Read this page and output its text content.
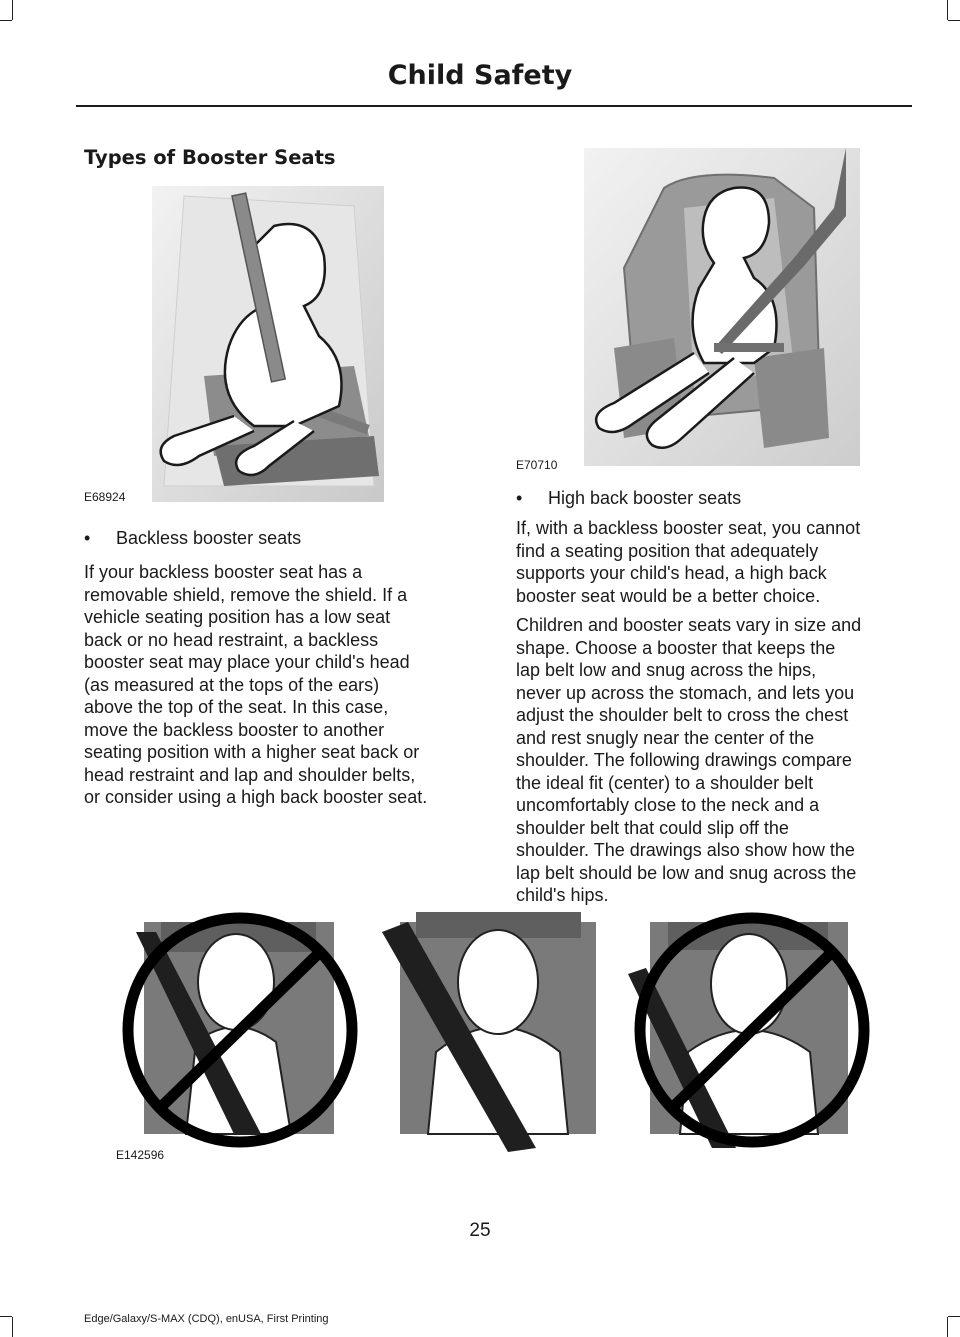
Child Safety
Types of Booster Seats
E68924
E70710
• Backless booster seats
If your backless booster seat has a
removable shield, remove the shield. If a
vehicle seating position has a low seat
back or no head restraint, a backless
booster seat may place your child's head
(as measured at the tops of the ears)
above the top of the seat. In this case,
move the backless booster to another
seating position with a higher seat back or
head restraint and lap and shoulder belts,
or consider using a high back booster seat.
• High back booster seats
If, with a backless booster seat, you cannot
find a seating position that adequately
supports your child's head, a high back
booster seat would be a better choice.
Children and booster seats vary in size and
shape. Choose a booster that keeps the
lap belt low and snug across the hips,
never up across the stomach, and lets you
adjust the shoulder belt to cross the chest
and rest snugly near the center of the
shoulder. The following drawings compare
the ideal fit (center) to a shoulder belt
uncomfortably close to the neck and a
shoulder belt that could slip off the
shoulder. The drawings also show how the
lap belt should be low and snug across the
child's hips.
E142596
25
Edge/Galaxy/S-MAX (CDQ), enUSA, First Printing
